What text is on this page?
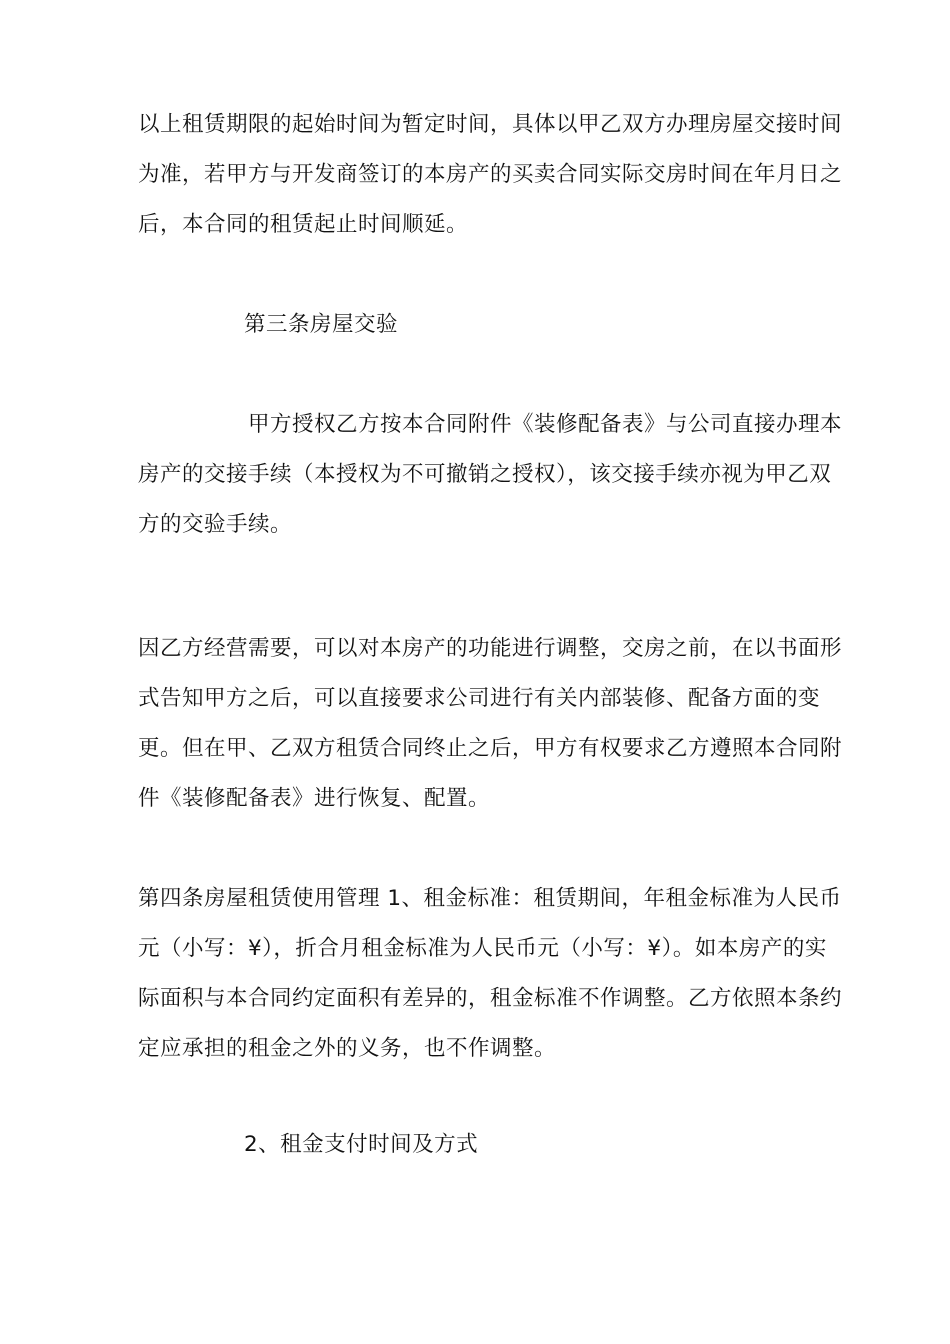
以上租赁期限的起始时间为暂定时间，具体以甲乙双方办理房屋交接时间
为准，若甲方与开发商签订的本房产的买卖合同实际交房时间在年月日之
后，本合同的租赁起止时间顺延。
第三条房屋交验
甲方授权乙方按本合同附件《装修配备表》与公司直接办理本
房产的交接手续（本授权为不可撤销之授权），该交接手续亦视为甲乙双
方的交验手续。
因乙方经营需要，可以对本房产的功能进行调整，交房之前，在以书面形
式告知甲方之后，可以直接要求公司进行有关内部装修、配备方面的变
更。但在甲、乙双方租赁合同终止之后，甲方有权要求乙方遵照本合同附
件《装修配备表》进行恢复、配置。
第四条房屋租赁使用管理 1、租金标准：租赁期间，年租金标准为人民币
元（小写：¥），折合月租金标准为人民币元（小写：¥）。如本房产的实
际面积与本合同约定面积有差异的，租金标准不作调整。乙方依照本条约
定应承担的租金之外的义务，也不作调整。
2、租金支付时间及方式
